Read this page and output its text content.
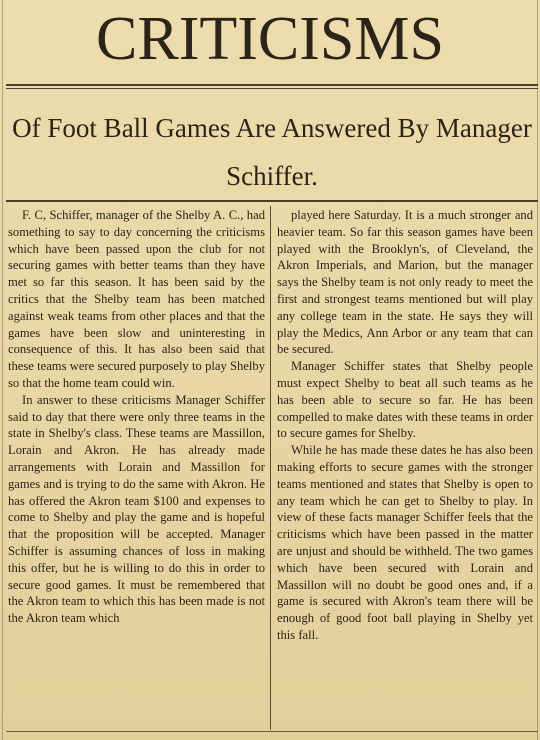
CRITICISMS
Of Foot Ball Games Are Answered By Manager Schiffer.

F. C, Schiffer, manager of the Shelby A. C., had something to say to day concerning the criticisms which have been passed upon the club for not securing games with better teams than they have met so far this season. It has been said by the critics that the Shelby team has been matched against weak teams from other places and that the games have been slow and uninteresting in consequence of this. It has also been said that these teams were secured purposely to play Shelby so that the home team could win.

In answer to these criticisms Manager Schiffer said to day that there were only three teams in the state in Shelby's class. These teams are Massillon, Lorain and Akron. He has already made arrangements with Lorain and Massillon for games and is trying to do the same with Akron. He has offered the Akron team $100 and expenses to come to Shelby and play the game and is hopeful that the proposition will be accepted. Manager Schiffer is assuming chances of loss in making this offer, but he is willing to do this in order to secure good games. It must be remembered that the Akron team to which this has been made is not the Akron team which

played here Saturday. It is a much stronger and heavier team. So far this season games have been played with the Brooklyn's, of Cleveland, the Akron Imperials, and Marion, but the manager says the Shelby team is not only ready to meet the first and strongest teams mentioned but will play any college team in the state. He says they will play the Medics, Ann Arbor or any team that can be secured.

Manager Schiffer states that Shelby people must expect Shelby to beat all such teams as he has been able to secure so far. He has been compelled to make dates with these teams in order to secure games for Shelby.

While he has made these dates he has also been making efforts to secure games with the stronger teams mentioned and states that Shelby is open to any team which he can get to Shelby to play. In view of these facts manager Schiffer feels that the criticisms which have been passed in the matter are unjust and should be withheld. The two games which have been secured with Lorain and Massillon will no doubt be good ones and, if a game is secured with Akron's team there will be enough of good foot ball playing in Shelby yet this fall.
